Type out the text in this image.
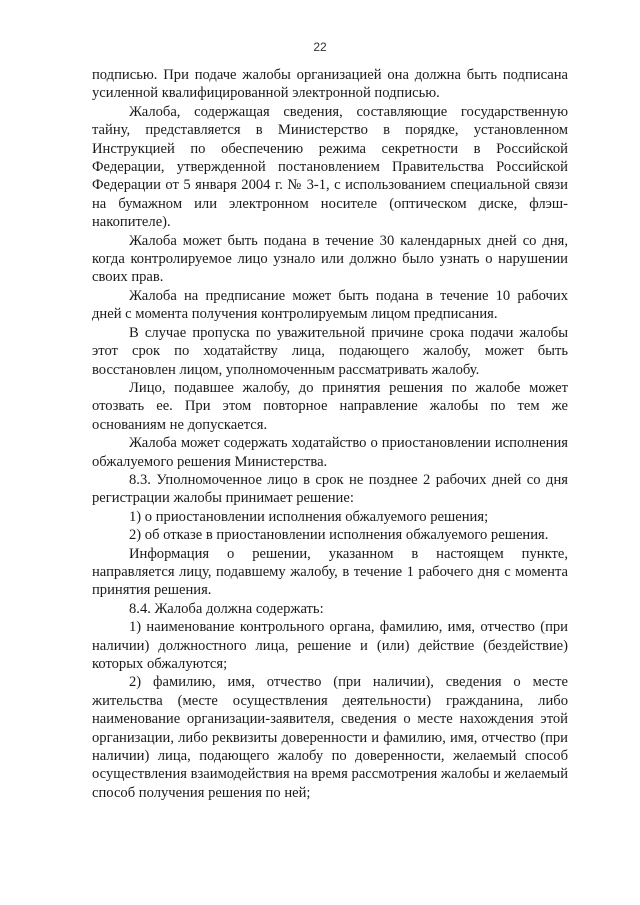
22

подписью. При подаче жалобы организацией она должна быть подписана усиленной квалифицированной электронной подписью.

Жалоба, содержащая сведения, составляющие государственную тайну, представляется в Министерство в порядке, установленном Инструкцией по обеспечению режима секретности в Российской Федерации, утвержденной постановлением Правительства Российской Федерации от 5 января 2004 г. № 3-1, с использованием специальной связи на бумажном или электронном носителе (оптическом диске, флэш-накопителе).

Жалоба может быть подана в течение 30 календарных дней со дня, когда контролируемое лицо узнало или должно было узнать о нарушении своих прав.

Жалоба на предписание может быть подана в течение 10 рабочих дней с момента получения контролируемым лицом предписания.

В случае пропуска по уважительной причине срока подачи жалобы этот срок по ходатайству лица, подающего жалобу, может быть восстановлен лицом, уполномоченным рассматривать жалобу.

Лицо, подавшее жалобу, до принятия решения по жалобе может отозвать ее. При этом повторное направление жалобы по тем же основаниям не допускается.

Жалоба может содержать ходатайство о приостановлении исполнения обжалуемого решения Министерства.

8.3. Уполномоченное лицо в срок не позднее 2 рабочих дней со дня регистрации жалобы принимает решение:

1) о приостановлении исполнения обжалуемого решения;

2) об отказе в приостановлении исполнения обжалуемого решения.

Информация о решении, указанном в настоящем пункте, направляется лицу, подавшему жалобу, в течение 1 рабочего дня с момента принятия решения.

8.4. Жалоба должна содержать:

1) наименование контрольного органа, фамилию, имя, отчество (при наличии) должностного лица, решение и (или) действие (бездействие) которых обжалуются;

2) фамилию, имя, отчество (при наличии), сведения о месте жительства (месте осуществления деятельности) гражданина, либо наименование организации-заявителя, сведения о месте нахождения этой организации, либо реквизиты доверенности и фамилию, имя, отчество (при наличии) лица, подающего жалобу по доверенности, желаемый способ осуществления взаимодействия на время рассмотрения жалобы и желаемый способ получения решения по ней;
